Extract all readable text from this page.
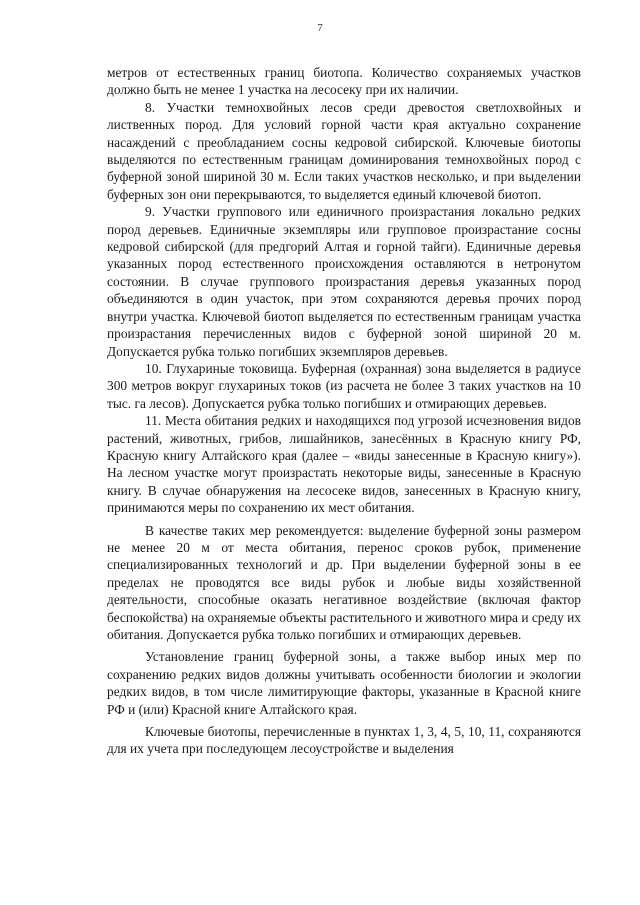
7

метров от естественных границ биотопа. Количество сохраняемых участков должно быть не менее 1 участка на лесосеку при их наличии.

8. Участки темнохвойных лесов среди древостоя светлохвойных и лиственных пород. Для условий горной части края актуально сохранение насаждений с преобладанием сосны кедровой сибирской. Ключевые биотопы выделяются по естественным границам доминирования темнохвойных пород с буферной зоной шириной 30 м. Если таких участков несколько, и при выделении буферных зон они перекрываются, то выделяется единый ключевой биотоп.

9. Участки группового или единичного произрастания локально редких пород деревьев. Единичные экземпляры или групповое произрастание сосны кедровой сибирской (для предгорий Алтая и горной тайги). Единичные деревья указанных пород естественного происхождения оставляются в нетронутом состоянии. В случае группового произрастания деревья указанных пород объединяются в один участок, при этом сохраняются деревья прочих пород внутри участка. Ключевой биотоп выделяется по естественным границам участка произрастания перечисленных видов с буферной зоной шириной 20 м. Допускается рубка только погибших экземпляров деревьев.

10. Глухариные токовища. Буферная (охранная) зона выделяется в радиусе 300 метров вокруг глухариных токов (из расчета не более 3 таких участков на 10 тыс. га лесов). Допускается рубка только погибших и отмирающих деревьев.

11. Места обитания редких и находящихся под угрозой исчезновения видов растений, животных, грибов, лишайников, занесённых в Красную книгу РФ, Красную книгу Алтайского края (далее – «виды занесенные в Красную книгу»). На лесном участке могут произрастать некоторые виды, занесенные в Красную книгу. В случае обнаружения на лесосеке видов, занесенных в Красную книгу, принимаются меры по сохранению их мест обитания.

В качестве таких мер рекомендуется: выделение буферной зоны размером не менее 20 м от места обитания, перенос сроков рубок, применение специализированных технологий и др. При выделении буферной зоны в ее пределах не проводятся все виды рубок и любые виды хозяйственной деятельности, способные оказать негативное воздействие (включая фактор беспокойства) на охраняемые объекты растительного и животного мира и среду их обитания. Допускается рубка только погибших и отмирающих деревьев.

Установление границ буферной зоны, а также выбор иных мер по сохранению редких видов должны учитывать особенности биологии и экологии редких видов, в том числе лимитирующие факторы, указанные в Красной книге РФ и (или) Красной книге Алтайского края.

Ключевые биотопы, перечисленные в пунктах 1, 3, 4, 5, 10, 11, сохраняются для их учета при последующем лесоустройстве и выделения
